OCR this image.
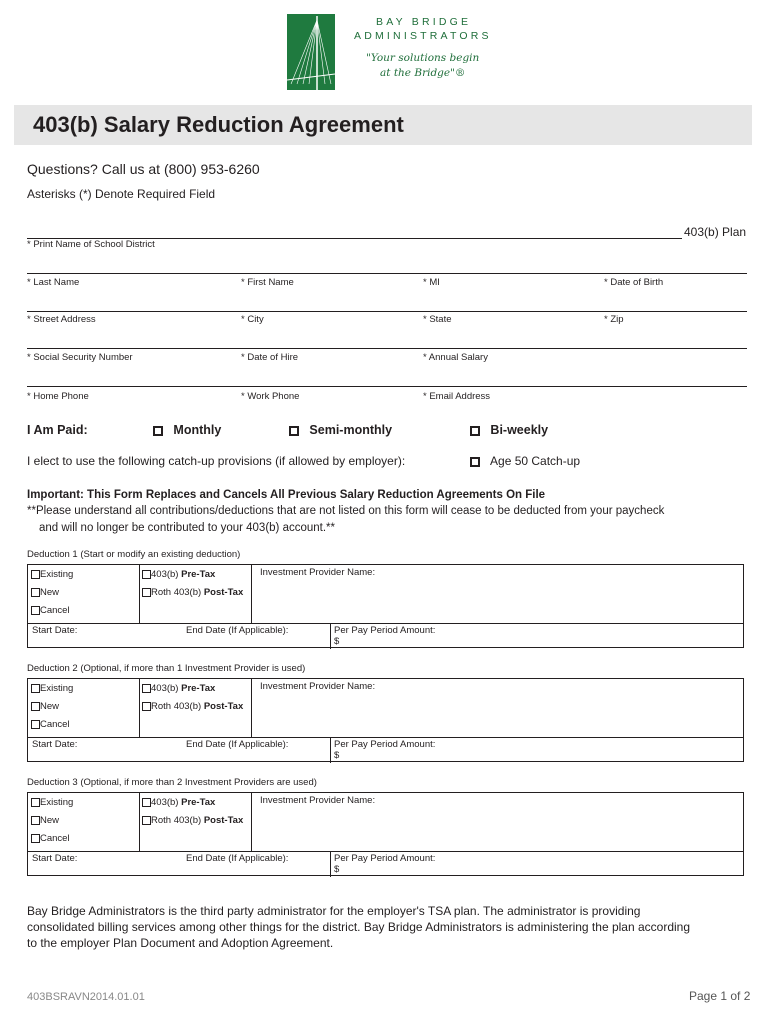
BAY BRIDGE
ADMINISTRATORS
"Your solutions begin
at the Bridge"®
403(b) Salary Reduction Agreement
Questions? Call us at (800) 953-6260
Asterisks (*) Denote Required Field
403(b) Plan
* Print Name of School District
* Last Name	* First Name	* MI	* Date of Birth
* Street Address	* City	* State	* Zip
* Social Security Number	* Date of Hire	* Annual Salary
* Home Phone	* Work Phone	* Email Address
I Am Paid:	Monthly	Semi-monthly	Bi-weekly
I elect to use the following catch-up provisions (if allowed by employer):	Age 50 Catch-up
Important: This Form Replaces and Cancels All Previous Salary Reduction Agreements On File
**Please understand all contributions/deductions that are not listed on this form will cease to be deducted from your paycheck
and will no longer be contributed to your 403(b) account.**
Deduction 1 (Start or modify an existing deduction)
Existing
New
Cancel
403(b) Pre-Tax
Roth 403(b) Post-Tax
Investment Provider Name:
Start Date:	End Date (If Applicable):	Per Pay Period Amount:
$
Deduction 2 (Optional, if more than 1 Investment Provider is used)
Existing
New
Cancel
403(b) Pre-Tax
Roth 403(b) Post-Tax
Investment Provider Name:
Start Date:	End Date (If Applicable):	Per Pay Period Amount:
$
Deduction 3 (Optional, if more than 2 Investment Providers are used)
Existing
New
Cancel
403(b) Pre-Tax
Roth 403(b) Post-Tax
Investment Provider Name:
Start Date:	End Date (If Applicable):	Per Pay Period Amount:
$
Bay Bridge Administrators is the third party administrator for the employer's TSA plan. The administrator is providing
consolidated billing services among other things for the district. Bay Bridge Administrators is administering the plan according
to the employer Plan Document and Adoption Agreement.
403BSRAVN2014.01.01	Page 1 of 2
